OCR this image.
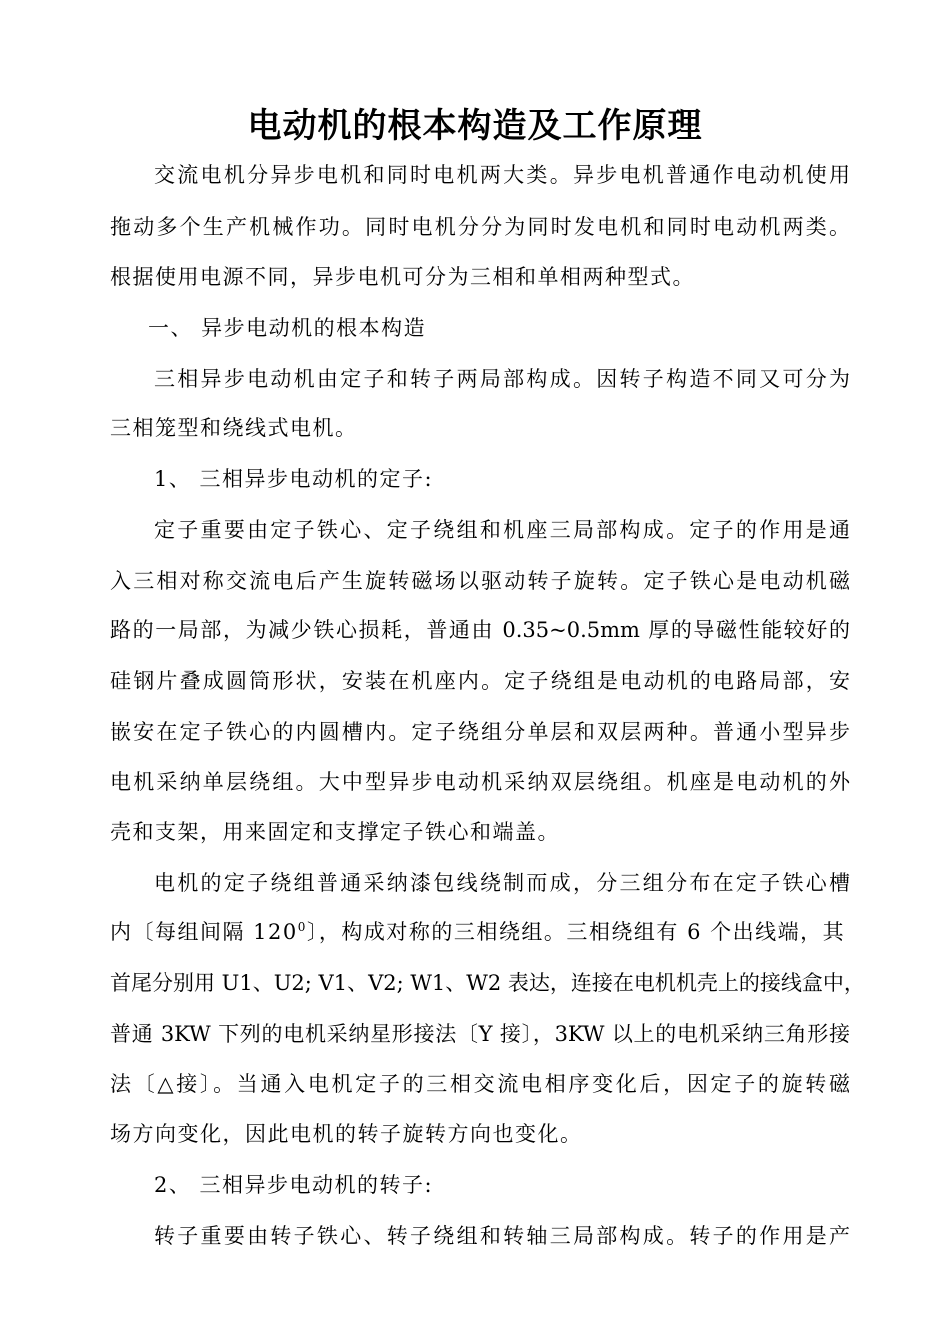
电动机的根本构造及工作原理
交流电机分异步电机和同时电机两大类。异步电机普通作电动机使用
拖动多个生产机械作功。同时电机分分为同时发电机和同时电动机两类。
根据使用电源不同，异步电机可分为三相和单相两种型式。
一、 异步电动机的根本构造
三相异步电动机由定子和转子两局部构成。因转子构造不同又可分为
三相笼型和绕线式电机。
1、 三相异步电动机的定子:
定子重要由定子铁心、定子绕组和机座三局部构成。定子的作用是通
入三相对称交流电后产生旋转磁场以驱动转子旋转。定子铁心是电动机磁
路的一局部，为减少铁心损耗，普通由 0.35~0.5mm 厚的导磁性能较好的
硅钢片叠成圆筒形状，安装在机座内。定子绕组是电动机的电路局部，安
嵌安在定子铁心的内圆槽内。定子绕组分单层和双层两种。普通小型异步
电机采纳单层绕组。大中型异步电动机采纳双层绕组。机座是电动机的外
壳和支架，用来固定和支撑定子铁心和端盖。
电机的定子绕组普通采纳漆包线绕制而成，分三组分布在定子铁心槽
内〔每组间隔 $120^0$〕，构成对称的三相绕组。三相绕组有 6 个出线端，其
首尾分别用 U1、U2; V1、V2; W1、W2 表达，连接在电机机壳上的接线盒中，
普通 3KW 下列的电机采纳星形接法〔Y 接〕，3KW 以上的电机采纳三角形接
法〔△接〕。当通入电机定子的三相交流电相序变化后，因定子的旋转磁
场方向变化，因此电机的转子旋转方向也变化。
2、 三相异步电动机的转子:
转子重要由转子铁心、转子绕组和转轴三局部构成。转子的作用是产
